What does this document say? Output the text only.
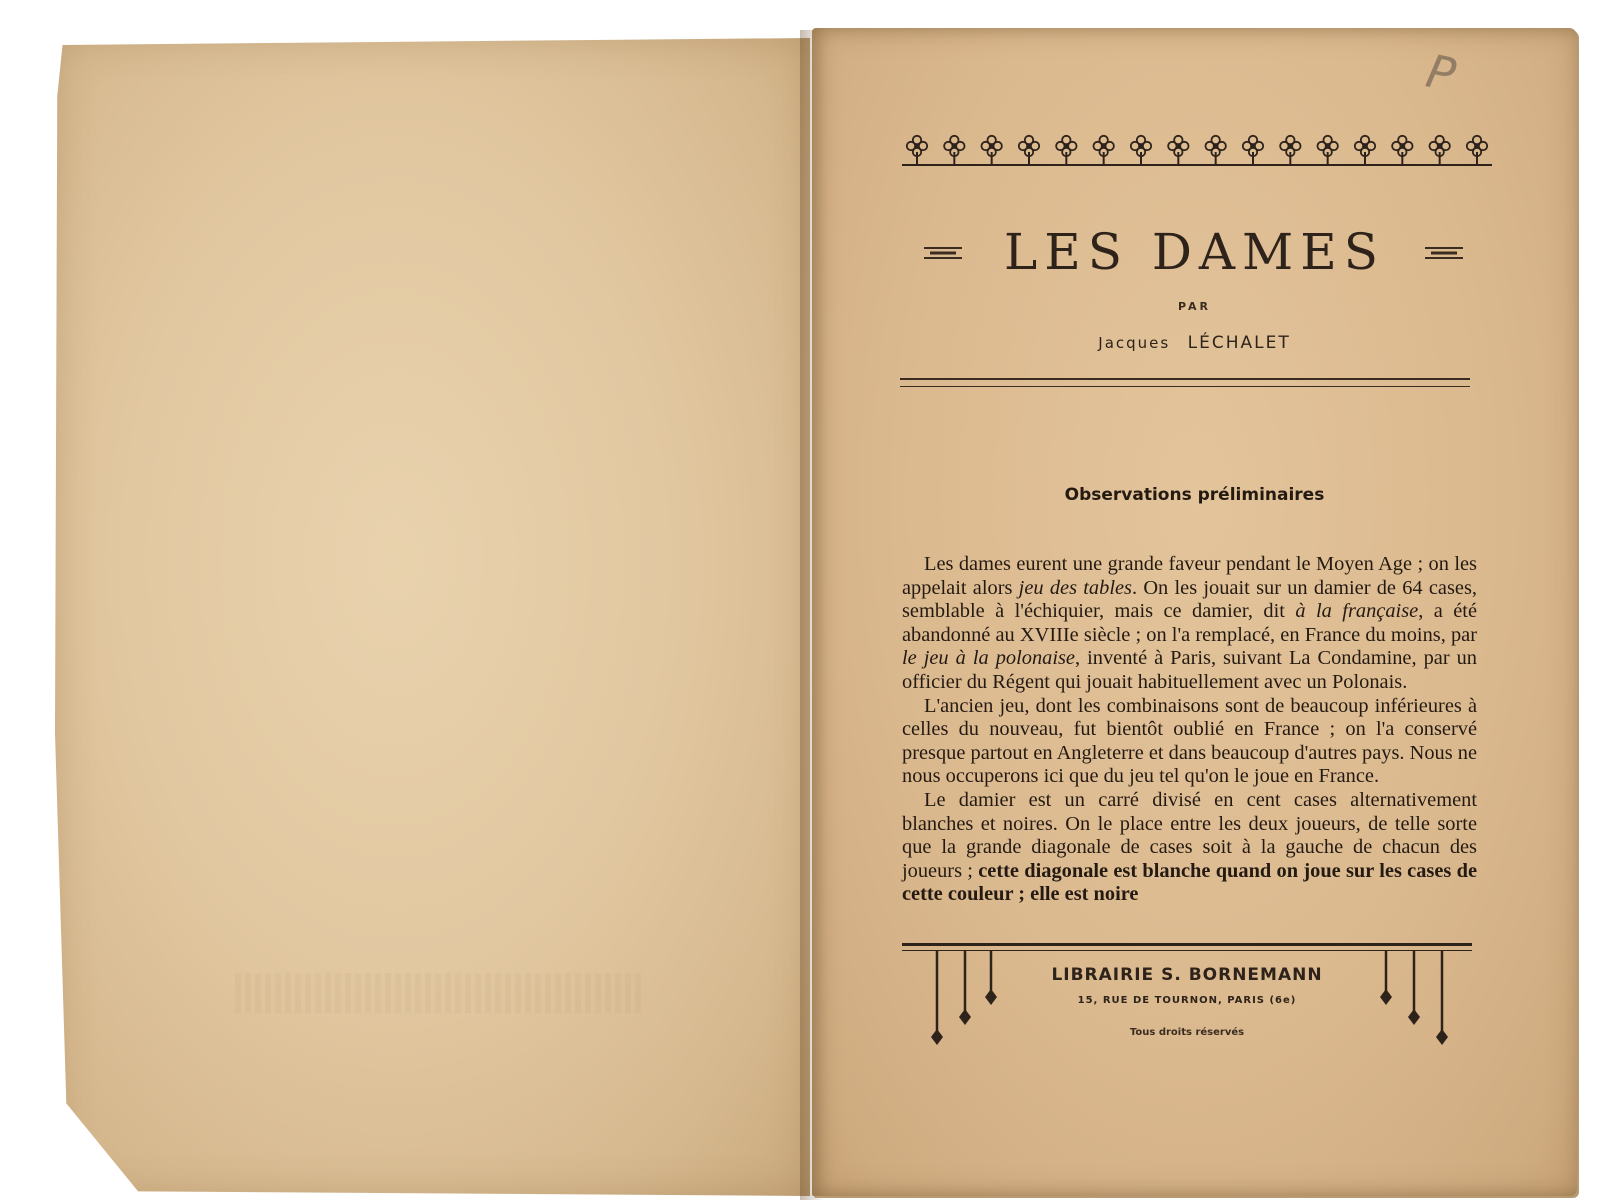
P
LES DAMES
PAR
Jacques LÉCHALET
Observations préliminaires

Les dames eurent une grande faveur pendant le Moyen Age ; on les appelait alors jeu des tables. On les jouait sur un damier de 64 cases, semblable à l'échiquier, mais ce damier, dit à la française, a été abandonné au XVIIIe siècle ; on l'a remplacé, en France du moins, par le jeu à la polonaise, inventé à Paris, suivant La Condamine, par un officier du Régent qui jouait habituellement avec un Polonais.

L'ancien jeu, dont les combinaisons sont de beaucoup inférieures à celles du nouveau, fut bientôt oublié en France ; on l'a conservé presque partout en Angleterre et dans beaucoup d'autres pays. Nous ne nous occuperons ici que du jeu tel qu'on le joue en France.

Le damier est un carré divisé en cent cases alternativement blanches et noires. On le place entre les deux joueurs, de telle sorte que la grande diagonale de cases soit à la gauche de chacun des joueurs ; cette diagonale est blanche quand on joue sur les cases de cette couleur ; elle est noire

LIBRAIRIE S. BORNEMANN
15, RUE DE TOURNON, PARIS (6e)
Tous droits réservés
